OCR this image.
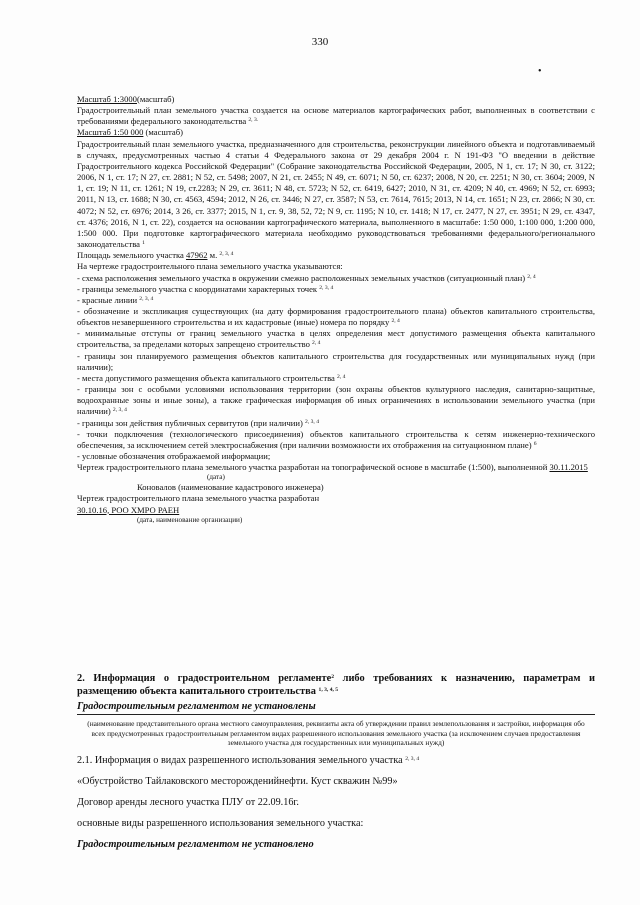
330
•
Масштаб 1:3000(масштаб)
Градостроительный план земельного участка создается на основе материалов картографических работ, выполненных в соответствии с требованиями федерального законодательства $^{2, 3.}$
Масштаб 1:50 000 (масштаб)
Градостроительный план земельного участка, предназначенного для строительства, реконструкции линейного объекта и подготавливаемый в случаях, предусмотренных частью 4 статьи 4 Федерального закона от 29 декабря 2004 г. N 191-ФЗ "О введении в действие Градостроительного кодекса Российской Федерации" (Собрание законодательства Российской Федерации, 2005, N 1, ст. 17; N 30, ст. 3122; 2006, N 1, ст. 17; N 27, ст. 2881; N 52, ст. 5498; 2007, N 21, ст. 2455; N 49, ст. 6071; N 50, ст. 6237; 2008, N 20, ст. 2251; N 30, ст. 3604; 2009, N 1, ст. 19; N 11, ст. 1261; N 19, ст.2283; N 29, ст. 3611; N 48, ст. 5723; N 52, ст. 6419, 6427; 2010, N 31, ст. 4209; N 40, ст. 4969; N 52, ст. 6993; 2011, N 13, ст. 1688; N 30, ст. 4563, 4594; 2012, N 26, ст. 3446; N 27, ст. 3587; N 53, ст. 7614, 7615; 2013, N 14, ст. 1651; N 23, ст. 2866; N 30, ст. 4072; N 52, ст. 6976; 2014, 3 26, ст. 3377; 2015, N 1, ст. 9, 38, 52, 72; N 9, ст. 1195; N 10, ст. 1418; N 17, ст. 2477, N 27, ст. 3951; N 29, ст. 4347, ст. 4376; 2016, N 1, ст. 22), создается на основании картографического материала, выполненного в масштабе: 1:50 000, 1:100 000, 1:200 000, 1:500 000. При подготовке картографического материала необходимо руководствоваться требованиями федерального/регионального законодательства $^1$
Площадь земельного участка 47962 м. $^{2, 3, 4}$
На чертеже градостроительного плана земельного участка указываются:
- схема расположения земельного участка в окружении смежно расположенных земельных участков (ситуационный план) $^{2, 4}$
- границы земельного участка с координатами характерных точек $^{2, 3, 4}$
- красные линии $^{2, 3, 4}$
- обозначение и экспликация существующих (на дату формирования градостроительного плана) объектов капитального строительства, объектов незавершенного строительства и их кадастровые (иные) номера по порядку $^{2, 4}$
- минимальные отступы от границ земельного участка в целях определения мест допустимого размещения объекта капитального строительства, за пределами которых запрещено строительство $^{2, 4}$
- границы зон планируемого размещения объектов капитального строительства для государственных или муниципальных нужд (при наличии);
- места допустимого размещения объекта капитального строительства $^{2, 4}$
- границы зон с особыми условиями использования территории (зон охраны объектов культурного наследия, санитарно-защитные, водоохранные зоны и иные зоны), а также графическая информация об иных ограничениях в использовании земельного участка (при наличии) $^{2, 3, 4}$
- границы зон действия публичных сервитутов (при наличии) $^{2, 3, 4}$
- точки подключения (технологического присоединения) объектов капитального строительства к сетям инженерно-технического обеспечения, за исключением сетей электроснабжения (при наличии возможности их отображения на ситуационном плане) $^6$
- условные обозначения отображаемой информации;
Чертеж градостроительного плана земельного участка разработан на топографической основе в масштабе (1:500), выполненной 30.11.2015
(дата)
Коновалов (наименование кадастрового инженера)
Чертеж градостроительного плана земельного участка разработан
30.10.16, РОО ХМРО РАЕН
(дата, наименование организации)
2. Информация о градостроительном регламенте$^2$ либо требованиях к назначению, параметрам и размещению объекта капитального строительства $^{1, 3, 4, 5}$
Градостроительным регламентом не установлены
(наименование представительного органа местного самоуправления, реквизиты акта об утверждении правил землепользования и застройки, информация обо всех предусмотренных градостроительным регламентом видах разрешенного использования земельного участка (за исключением случаев предоставления земельного участка для государственных или муниципальных нужд)
2.1. Информация о видах разрешенного использования земельного участка $^{2, 3, 4}$
«Обустройство Тайлаковского месторожденийнефти. Куст скважин №99»
Договор аренды лесного участка ПЛУ от 22.09.16г.
основные виды разрешенного использования земельного участка:
Градостроительным регламентом не установлено
